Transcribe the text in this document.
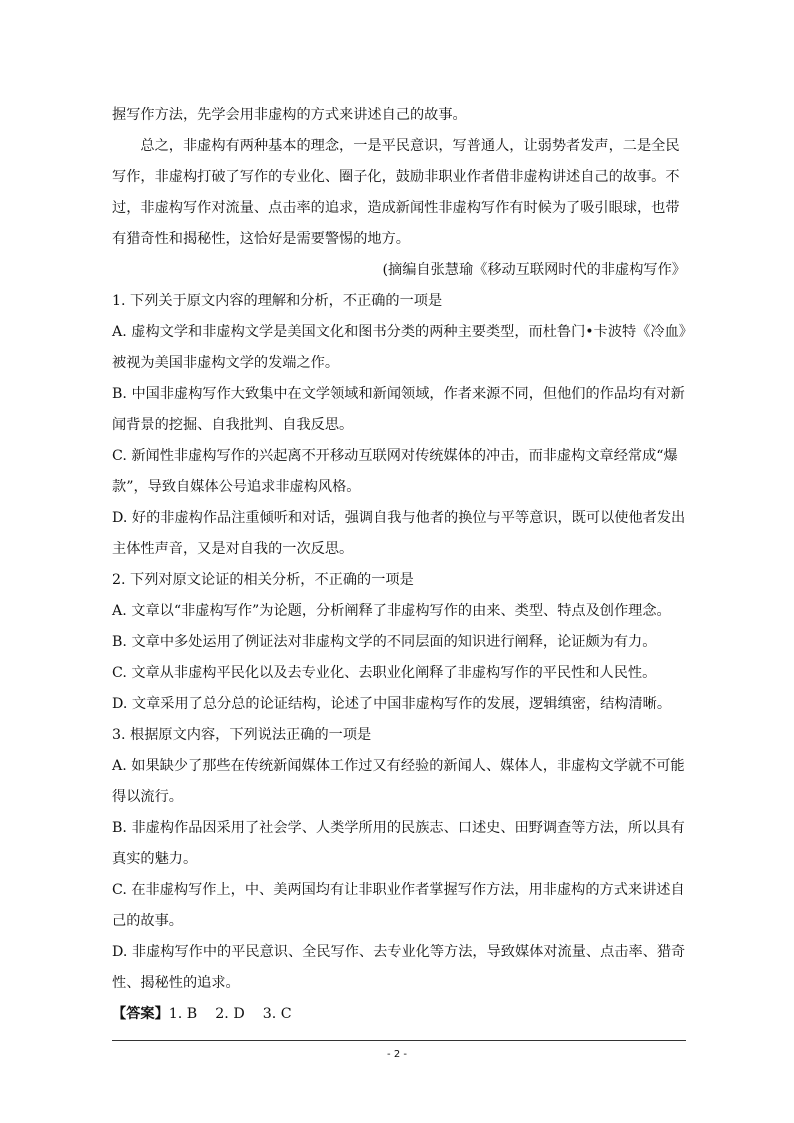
握写作方法，先学会用非虚构的方式来讲述自己的故事。

总之，非虚构有两种基本的理念，一是平民意识，写普通人，让弱势者发声，二是全民写作，非虚构打破了写作的专业化、圈子化，鼓励非职业作者借非虚构讲述自己的故事。不过，非虚构写作对流量、点击率的追求，造成新闻性非虚构写作有时候为了吸引眼球，也带有猎奇性和揭秘性，这恰好是需要警惕的地方。

(摘编自张慧瑜《移动互联网时代的非虚构写作》

1. 下列关于原文内容的理解和分析，不正确的一项是

A. 虚构文学和非虚构文学是美国文化和图书分类的两种主要类型，而杜鲁门•卡波特《冷血》被视为美国非虚构文学的发端之作。

B. 中国非虚构写作大致集中在文学领域和新闻领域，作者来源不同，但他们的作品均有对新闻背景的挖掘、自我批判、自我反思。

C. 新闻性非虚构写作的兴起离不开移动互联网对传统媒体的冲击，而非虚构文章经常成“爆款”，导致自媒体公号追求非虚构风格。

D. 好的非虚构作品注重倾听和对话，强调自我与他者的换位与平等意识，既可以使他者发出主体性声音，又是对自我的一次反思。

2. 下列对原文论证的相关分析，不正确的一项是

A. 文章以“非虚构写作”为论题，分析阐释了非虚构写作的由来、类型、特点及创作理念。

B. 文章中多处运用了例证法对非虚构文学的不同层面的知识进行阐释，论证颇为有力。

C. 文章从非虚构平民化以及去专业化、去职业化阐释了非虚构写作的平民性和人民性。

D. 文章采用了总分总的论证结构，论述了中国非虚构写作的发展，逻辑缜密，结构清晰。

3. 根据原文内容，下列说法正确的一项是

A. 如果缺少了那些在传统新闻媒体工作过又有经验的新闻人、媒体人，非虚构文学就不可能得以流行。

B. 非虚构作品因采用了社会学、人类学所用的民族志、口述史、田野调查等方法，所以具有真实的魅力。

C. 在非虚构写作上，中、美两国均有让非职业作者掌握写作方法，用非虚构的方式来讲述自己的故事。

D. 非虚构写作中的平民意识、全民写作、去专业化等方法，导致媒体对流量、点击率、猎奇性、揭秘性的追求。

【答案】1. B    2. D    3. C

- 2 -
